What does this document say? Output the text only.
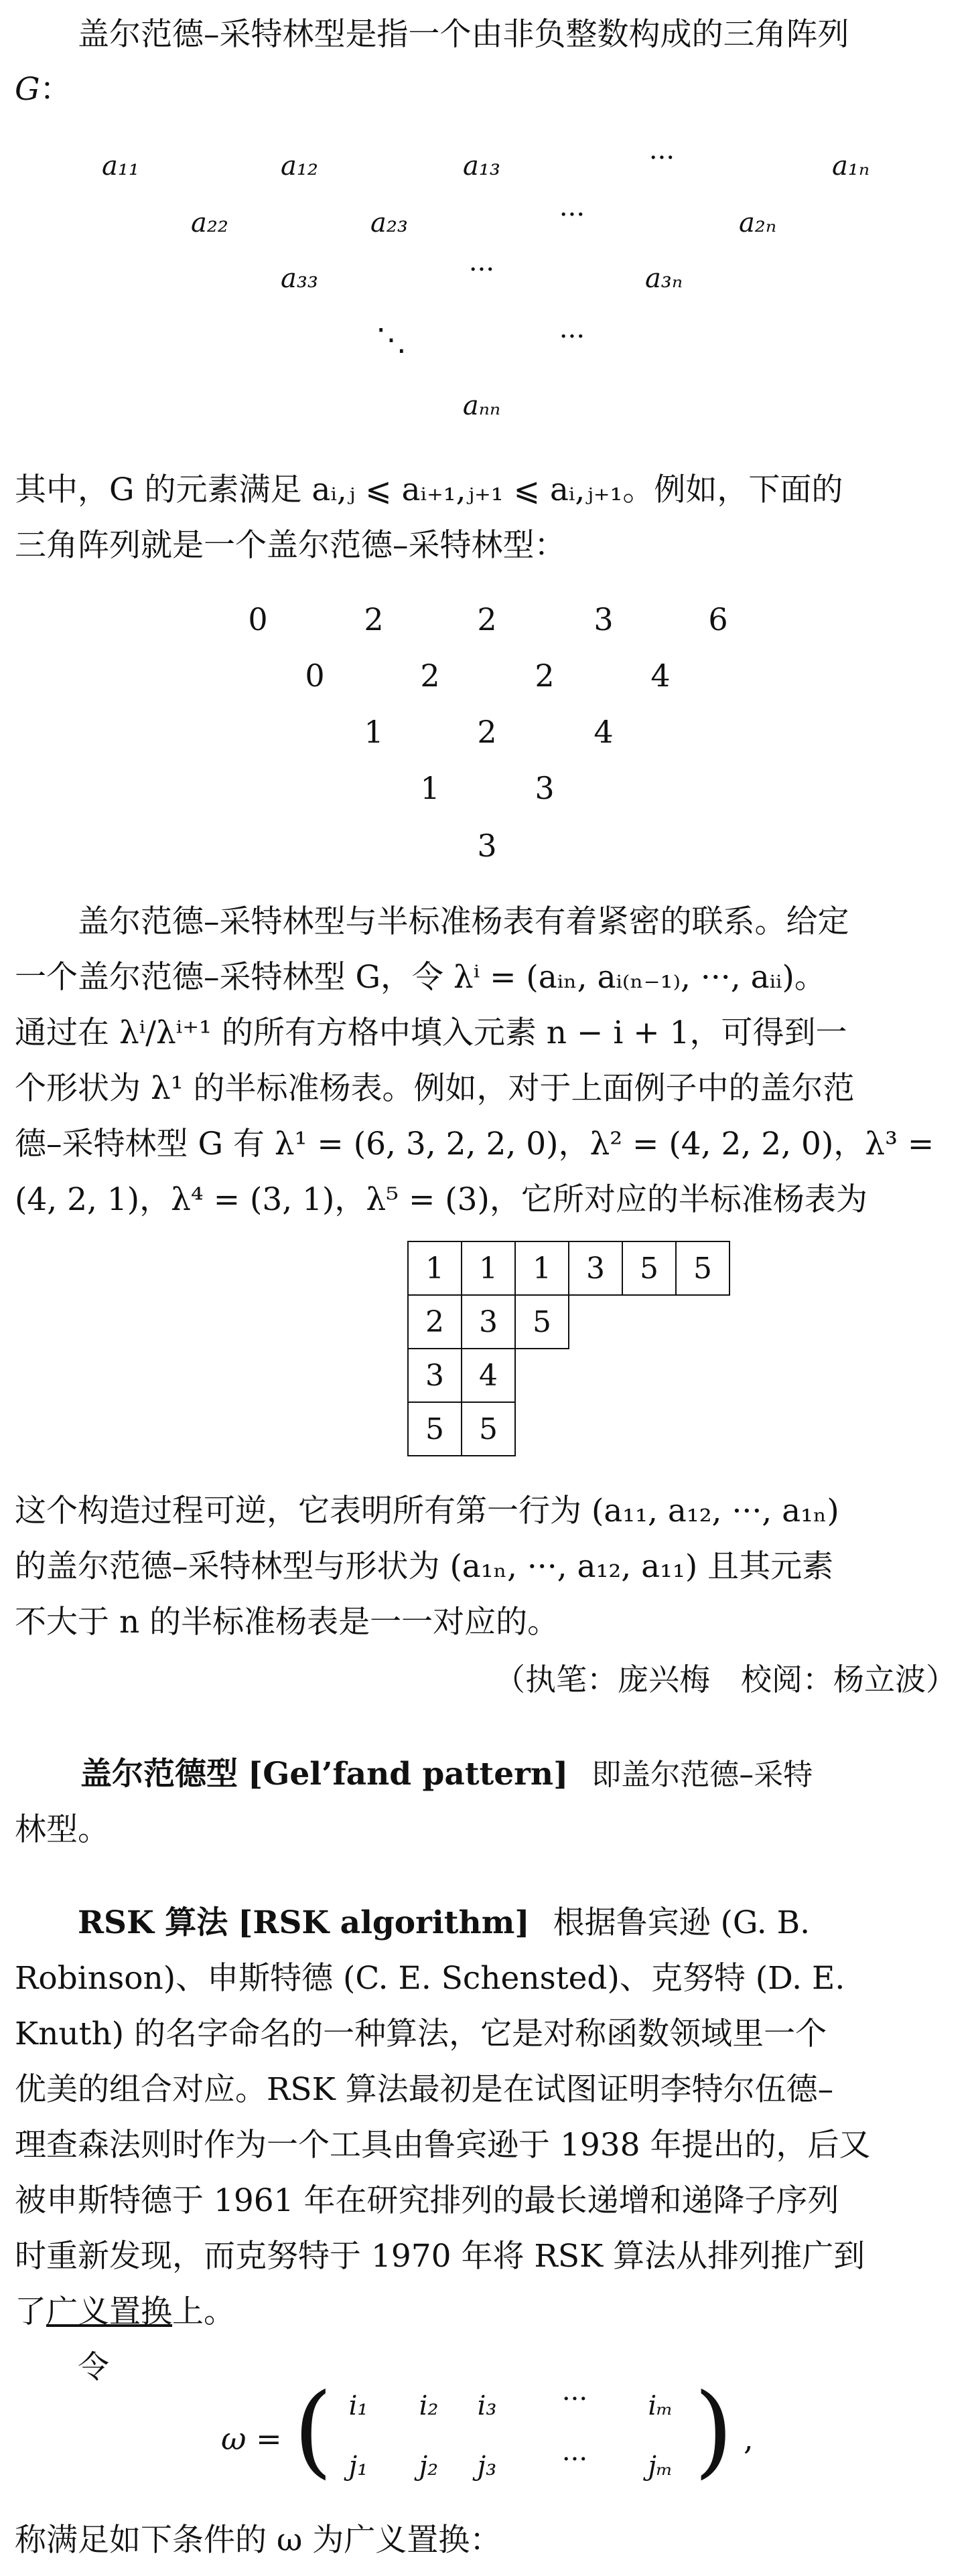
盖尔范德–采特林型是指一个由非负整数构成的三角阵列

G：

a₁₁	a₁₂	a₁₃	···	a₁ₙ
a₂₂	a₂₃	···	a₂ₙ
a₃₃	···	a₃ₙ
⋱	···
aₙₙ

其中，G 的元素满足 aᵢ,ⱼ ⩽ aᵢ₊₁,ⱼ₊₁ ⩽ aᵢ,ⱼ₊₁。例如，下面的

三角阵列就是一个盖尔范德–采特林型：

0	2	2	3	6
0	2	2	4
1	2	4
1	3
3

盖尔范德–采特林型与半标准杨表有着紧密的联系。给定

一个盖尔范德–采特林型 G，令 λⁱ = (aᵢₙ, aᵢ₍ₙ₋₁₎, ···, aᵢᵢ)。

通过在 λⁱ/λⁱ⁺¹ 的所有方格中填入元素 n − i + 1，可得到一

个形状为 λ¹ 的半标准杨表。例如，对于上面例子中的盖尔范

德–采特林型 G 有 λ¹ = (6, 3, 2, 2, 0)，λ² = (4, 2, 2, 0)，λ³ =

(4, 2, 1)，λ⁴ = (3, 1)，λ⁵ = (3)，它所对应的半标准杨表为

1	1	1	3	5	5
2	3	5			
3	4				
5	5				

这个构造过程可逆，它表明所有第一行为 (a₁₁, a₁₂, ···, a₁ₙ)

的盖尔范德–采特林型与形状为 (a₁ₙ, ···, a₁₂, a₁₁) 且其元素

不大于 n 的半标准杨表是一一对应的。

（执笔：庞兴梅　校阅：杨立波）

盖尔范德型 [Gel’fand pattern] 即盖尔范德–采特

林型。

RSK 算法 [RSK algorithm] 根据鲁宾逊 (G. B.

Robinson)、申斯特德 (C. E. Schensted)、克努特 (D. E.

Knuth) 的名字命名的一种算法，它是对称函数领域里一个

优美的组合对应。RSK 算法最初是在试图证明李特尔伍德–

理查森法则时作为一个工具由鲁宾逊于 1938 年提出的，后又

被申斯特德于 1961 年在研究排列的最长递增和递降子序列

时重新发现，而克努特于 1970 年将 RSK 算法从排列推广到

了广义置换上。

令

ω = (	) ,
i₁ i₂ i₃ ··· iₘ
j₁ j₂ j₃ ··· jₘ

称满足如下条件的 ω 为广义置换：
